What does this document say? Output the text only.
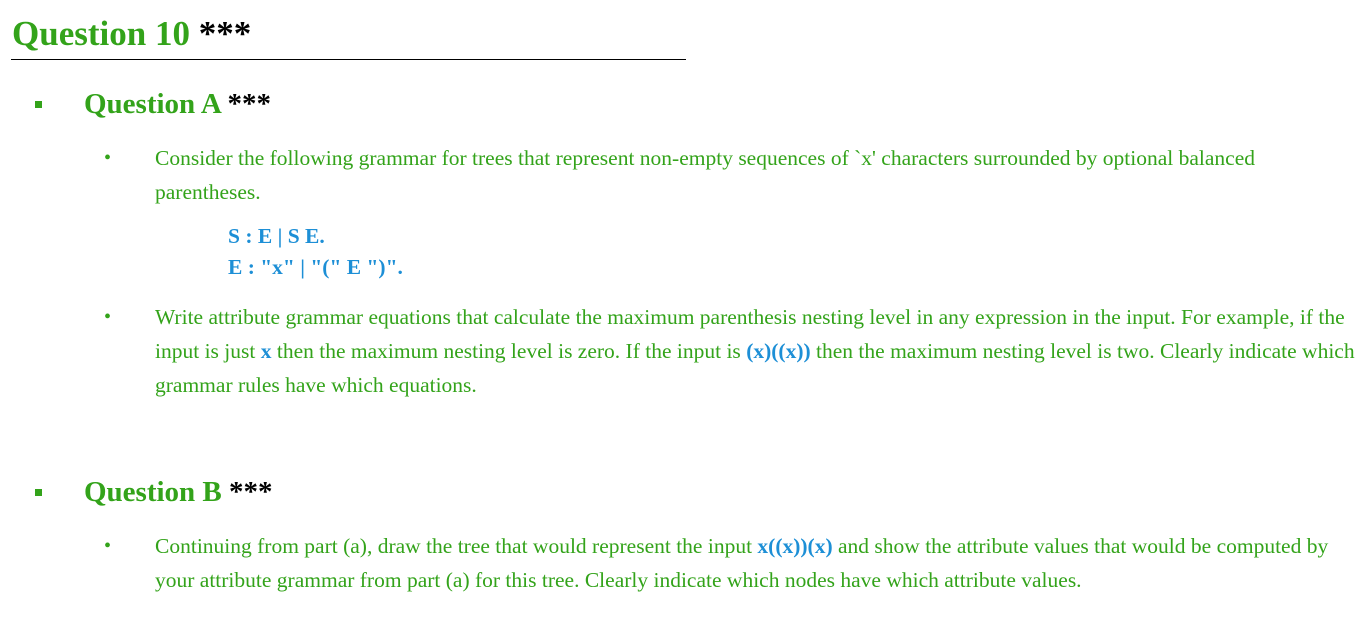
Question 10 ***
Question A ***
• Consider the following grammar for trees that represent non-empty sequences of `x' characters surrounded by optional balanced parentheses.
S : E | S E.
E : "x" | "(" E ")".
• Write attribute grammar equations that calculate the maximum parenthesis nesting level in any expression in the input. For example, if the input is just x then the maximum nesting level is zero. If the input is (x)((x)) then the maximum nesting level is two. Clearly indicate which grammar rules have which equations.
Question B ***
• Continuing from part (a), draw the tree that would represent the input x((x))(x) and show the attribute values that would be computed by your attribute grammar from part (a) for this tree. Clearly indicate which nodes have which attribute values.
